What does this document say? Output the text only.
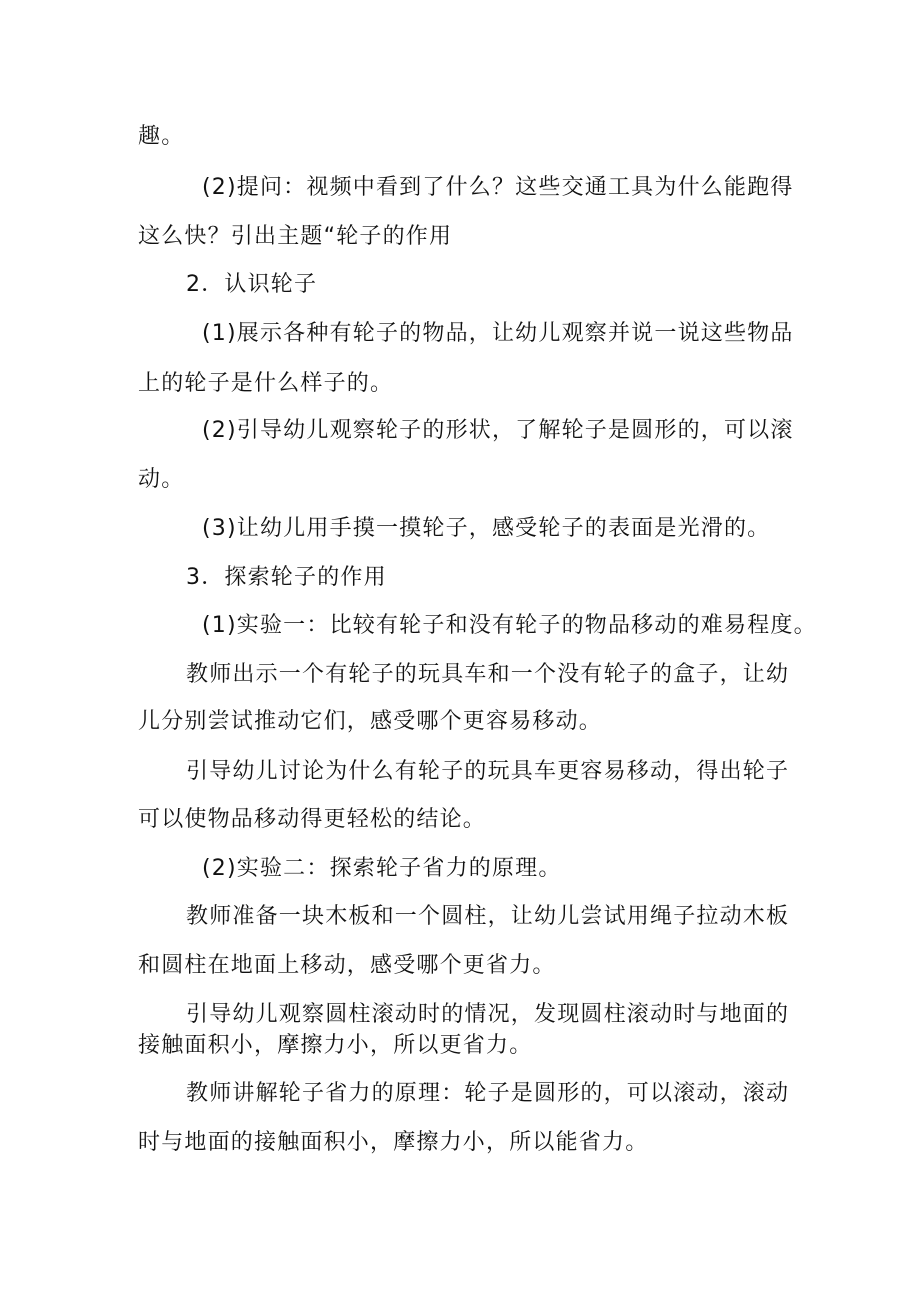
趣。
(2)提问：视频中看到了什么？这些交通工具为什么能跑得
这么快？引出主题“轮子的作用
2．认识轮子
(1)展示各种有轮子的物品，让幼儿观察并说一说这些物品
上的轮子是什么样子的。
(2)引导幼儿观察轮子的形状，了解轮子是圆形的，可以滚
动。
(3)让幼儿用手摸一摸轮子，感受轮子的表面是光滑的。
3．探索轮子的作用
(1)实验一：比较有轮子和没有轮子的物品移动的难易程度。
教师出示一个有轮子的玩具车和一个没有轮子的盒子，让幼
儿分别尝试推动它们，感受哪个更容易移动。
引导幼儿讨论为什么有轮子的玩具车更容易移动，得出轮子
可以使物品移动得更轻松的结论。
(2)实验二：探索轮子省力的原理。
教师准备一块木板和一个圆柱，让幼儿尝试用绳子拉动木板
和圆柱在地面上移动，感受哪个更省力。
引导幼儿观察圆柱滚动时的情况，发现圆柱滚动时与地面的
接触面积小，摩擦力小，所以更省力。
教师讲解轮子省力的原理：轮子是圆形的，可以滚动，滚动
时与地面的接触面积小，摩擦力小，所以能省力。
